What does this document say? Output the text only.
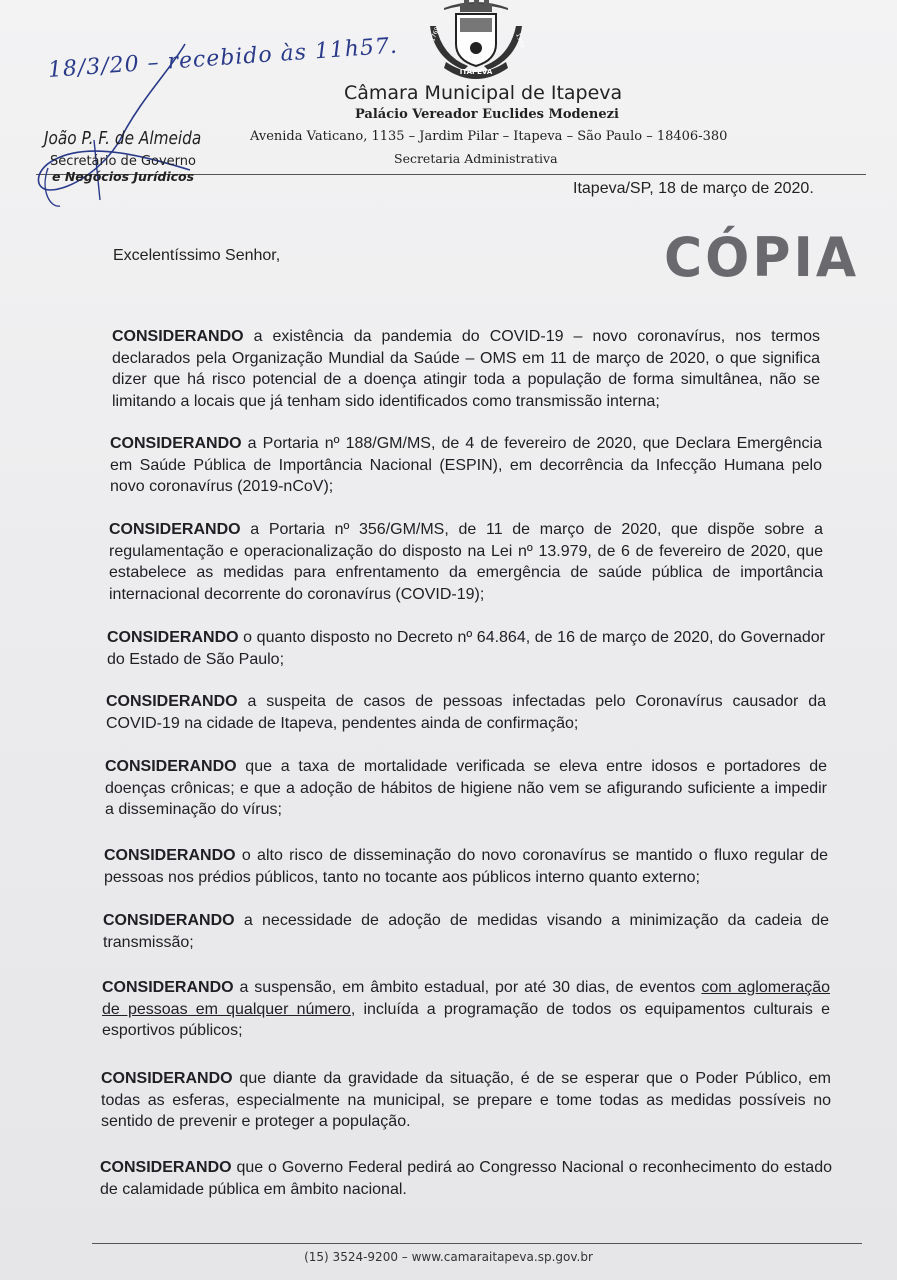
ITAPEVA
1769	1969
Câmara Municipal de Itapeva
Palácio Vereador Euclides Modenezi
Avenida Vaticano, 1135 – Jardim Pilar – Itapeva – São Paulo – 18406-380
Secretaria Administrativa
18/3/20 – recebido às 11h57.
João P. F. de Almeida
Secretário de Governo
e Negócios Jurídicos
Itapeva/SP, 18 de março de 2020.
Excelentíssimo Senhor,	CÓPIA
CONSIDERANDO a existência da pandemia do COVID-19 – novo coronavírus, nos termos declarados pela Organização Mundial da Saúde – OMS em 11 de março de 2020, o que significa dizer que há risco potencial de a doença atingir toda a população de forma simultânea, não se limitando a locais que já tenham sido identificados como transmissão interna;
CONSIDERANDO a Portaria nº 188/GM/MS, de 4 de fevereiro de 2020, que Declara Emergência em Saúde Pública de Importância Nacional (ESPIN), em decorrência da Infecção Humana pelo novo coronavírus (2019-nCoV);
CONSIDERANDO a Portaria nº 356/GM/MS, de 11 de março de 2020, que dispõe sobre a regulamentação e operacionalização do disposto na Lei nº 13.979, de 6 de fevereiro de 2020, que estabelece as medidas para enfrentamento da emergência de saúde pública de importância internacional decorrente do coronavírus (COVID-19);
CONSIDERANDO o quanto disposto no Decreto nº 64.864, de 16 de março de 2020, do Governador do Estado de São Paulo;
CONSIDERANDO a suspeita de casos de pessoas infectadas pelo Coronavírus causador da COVID-19 na cidade de Itapeva, pendentes ainda de confirmação;
CONSIDERANDO que a taxa de mortalidade verificada se eleva entre idosos e portadores de doenças crônicas; e que a adoção de hábitos de higiene não vem se afigurando suficiente a impedir a disseminação do vírus;
CONSIDERANDO o alto risco de disseminação do novo coronavírus se mantido o fluxo regular de pessoas nos prédios públicos, tanto no tocante aos públicos interno quanto externo;
CONSIDERANDO a necessidade de adoção de medidas visando a minimização da cadeia de transmissão;
CONSIDERANDO a suspensão, em âmbito estadual, por até 30 dias, de eventos com aglomeração de pessoas em qualquer número, incluída a programação de todos os equipamentos culturais e esportivos públicos;
CONSIDERANDO que diante da gravidade da situação, é de se esperar que o Poder Público, em todas as esferas, especialmente na municipal, se prepare e tome todas as medidas possíveis no sentido de prevenir e proteger a população.
CONSIDERANDO que o Governo Federal pedirá ao Congresso Nacional o reconhecimento do estado de calamidade pública em âmbito nacional.
(15) 3524-9200 – www.camaraitapeva.sp.gov.br
